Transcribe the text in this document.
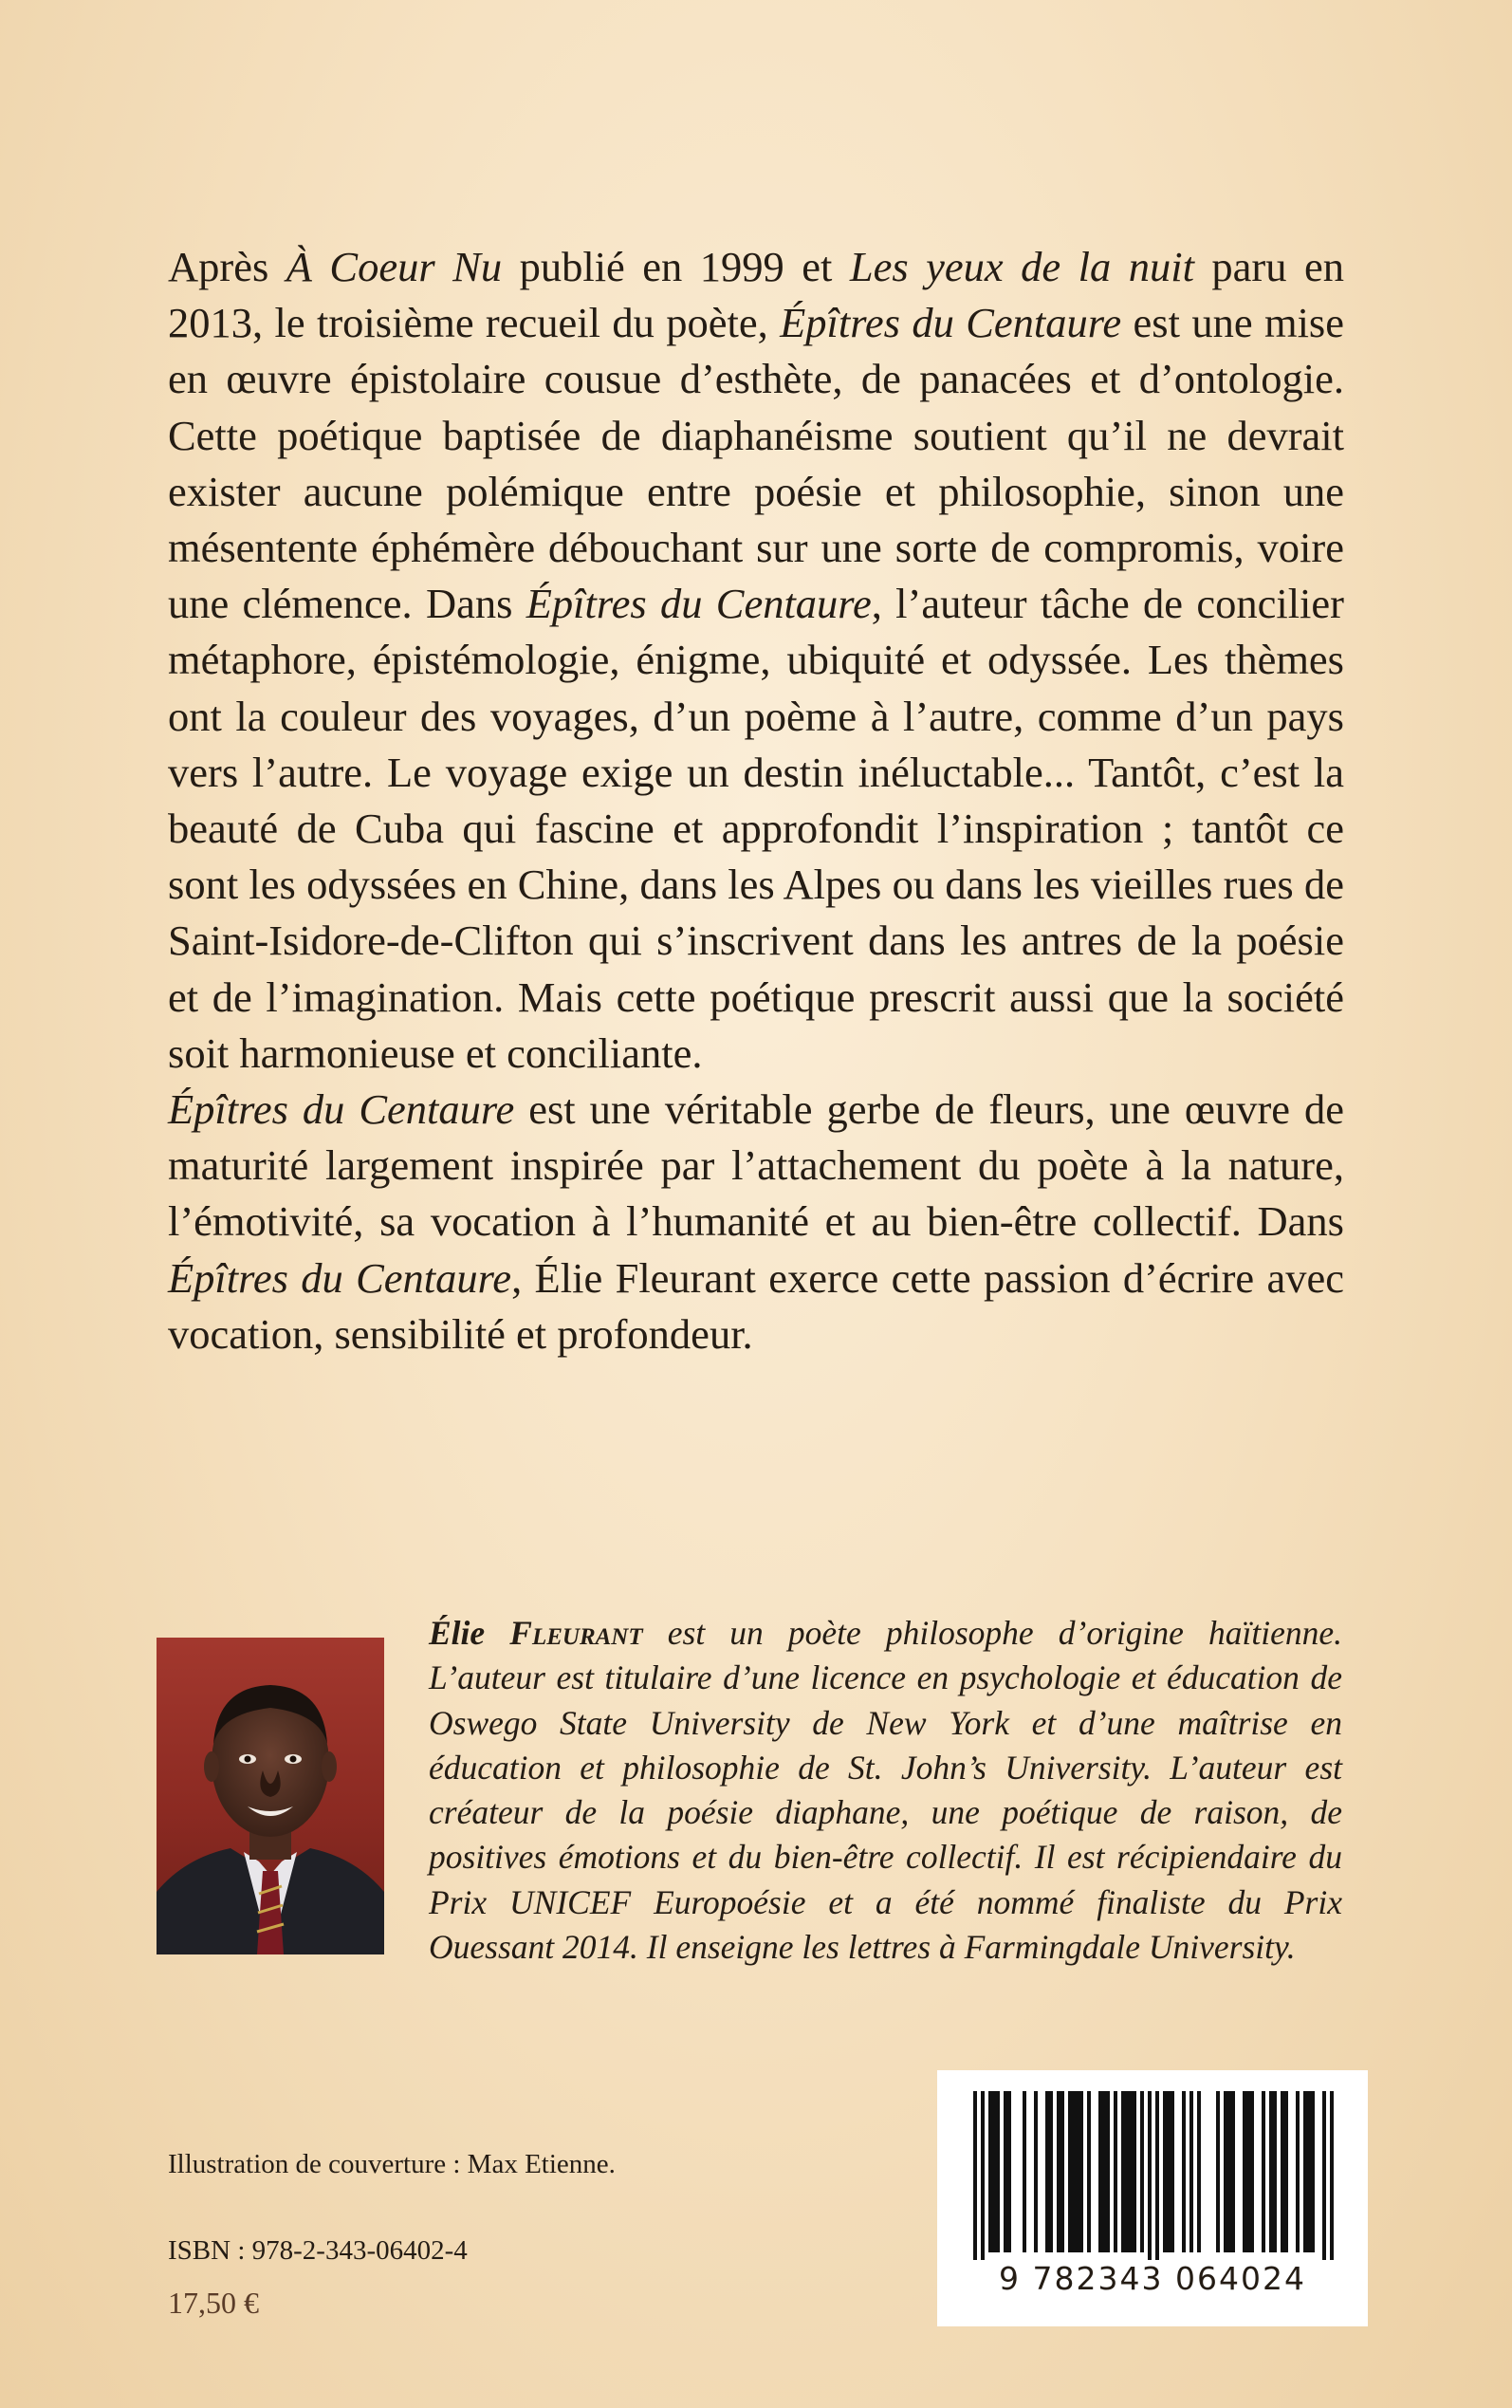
Après À Coeur Nu publié en 1999 et Les yeux de la nuit paru en 2013, le troisième recueil du poète, Épîtres du Centaure est une mise en œuvre épistolaire cousue d’esthète, de panacées et d’ontologie. Cette poétique baptisée de diaphanéisme soutient qu’il ne devrait exister aucune polémique entre poésie et philosophie, sinon une mésentente éphémère débouchant sur une sorte de compromis, voire une clémence. Dans Épîtres du Centaure, l’auteur tâche de concilier métaphore, épistémologie, énigme, ubiquité et odyssée. Les thèmes ont la couleur des voyages, d’un poème à l’autre, comme d’un pays vers l’autre. Le voyage exige un destin inéluctable... Tantôt, c’est la beauté de Cuba qui fascine et approfondit l’inspiration ; tantôt ce sont les odyssées en Chine, dans les Alpes ou dans les vieilles rues de Saint-Isidore-de-Clifton qui s’inscrivent dans les antres de la poésie et de l’imagination. Mais cette poétique prescrit aussi que la société soit harmonieuse et conciliante.

Épîtres du Centaure est une véritable gerbe de fleurs, une œuvre de maturité largement inspirée par l’attachement du poète à la nature, l’émotivité, sa vocation à l’humanité et au bien-être collectif. Dans Épîtres du Centaure, Élie Fleurant exerce cette passion d’écrire avec vocation, sensibilité et profondeur.

Élie Fleurant est un poète philosophe d’origine haïtienne. L’auteur est titulaire d’une licence en psychologie et éducation de Oswego State University de New York et d’une maîtrise en éducation et philosophie de St. John’s University. L’auteur est créateur de la poésie diaphane, une poétique de raison, de positives émotions et du bien-être collectif. Il est récipiendaire du Prix UNICEF Europoésie et a été nommé finaliste du Prix Ouessant 2014. Il enseigne les lettres à Farmingdale University.

Illustration de couverture : Max Etienne.
ISBN : 978-2-343-06402-4
17,50 €
9 782343 064024
